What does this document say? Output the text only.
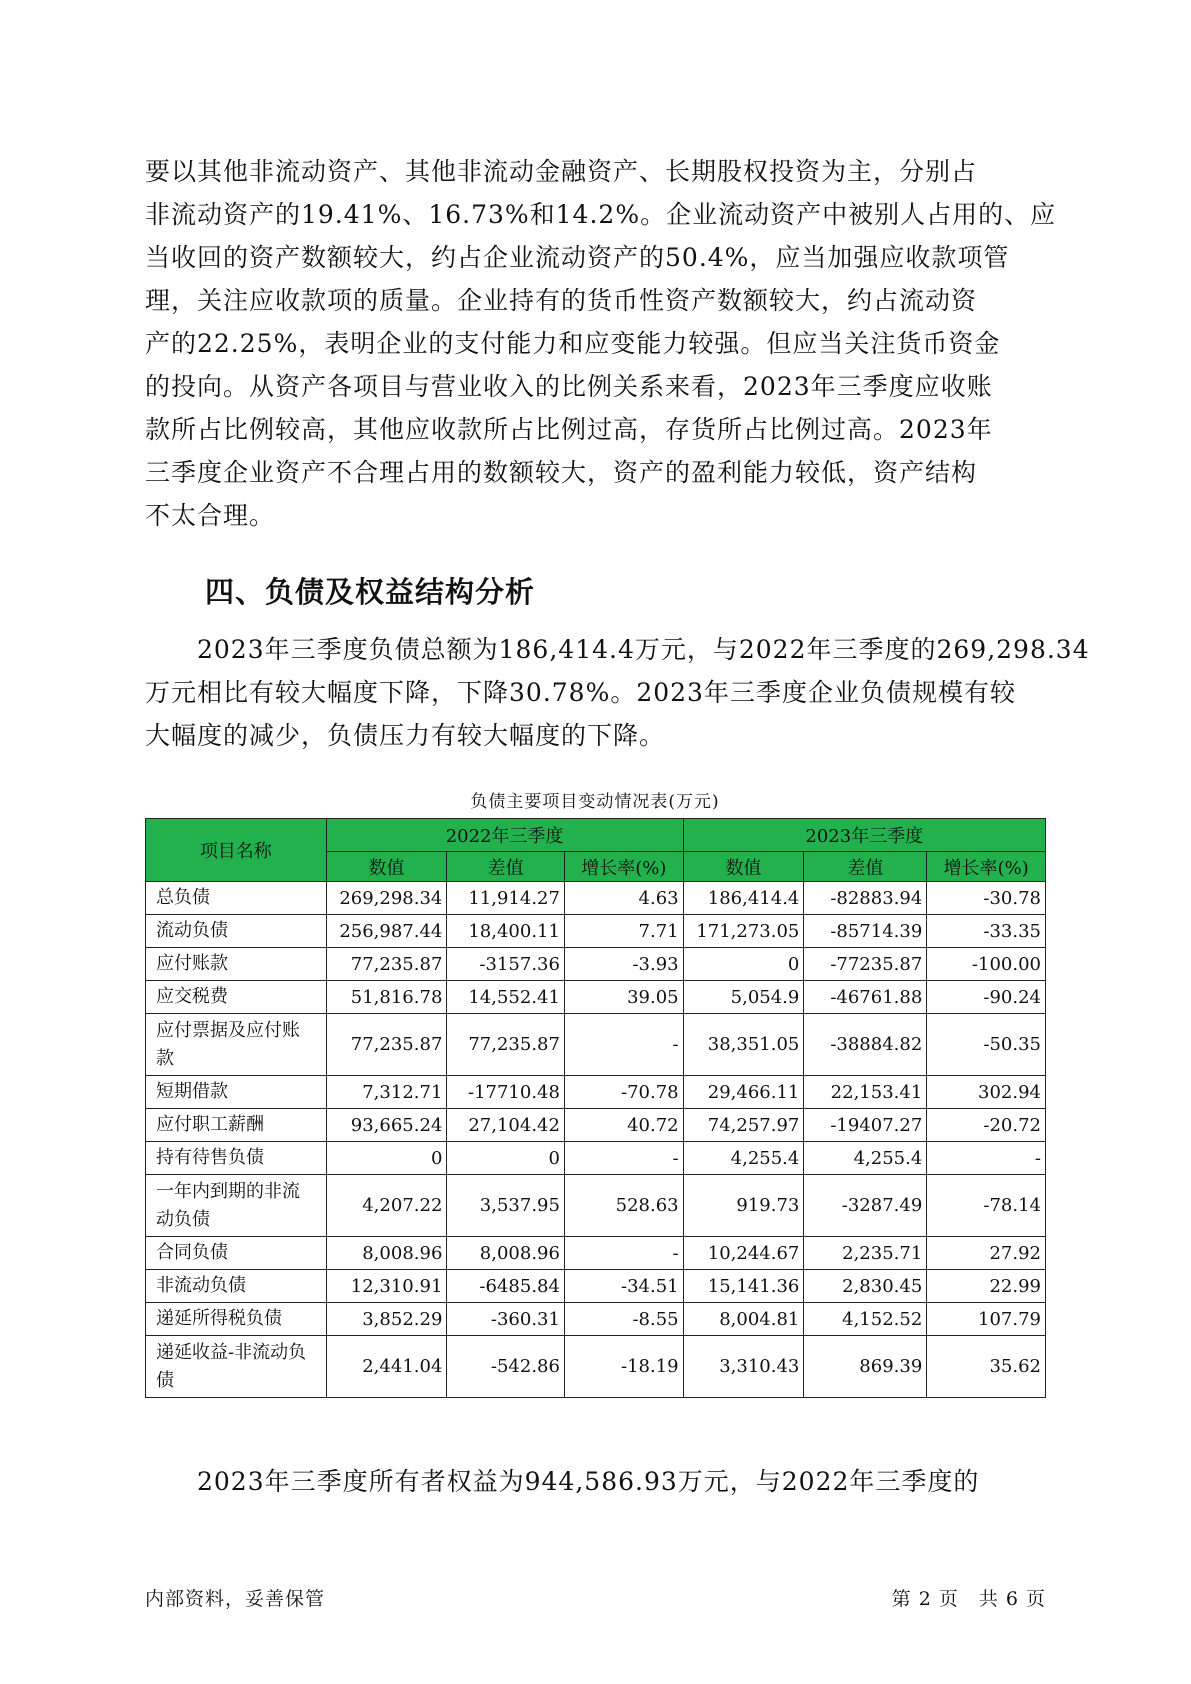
要以其他非流动资产、其他非流动金融资产、长期股权投资为主，分别占
非流动资产的19.41%、16.73%和14.2%。企业流动资产中被别人占用的、应
当收回的资产数额较大，约占企业流动资产的50.4%，应当加强应收款项管
理，关注应收款项的质量。企业持有的货币性资产数额较大，约占流动资
产的22.25%，表明企业的支付能力和应变能力较强。但应当关注货币资金
的投向。从资产各项目与营业收入的比例关系来看，2023年三季度应收账
款所占比例较高，其他应收款所占比例过高，存货所占比例过高。2023年
三季度企业资产不合理占用的数额较大，资产的盈利能力较低，资产结构
不太合理。
四、负债及权益结构分析
　　2023年三季度负债总额为186,414.4万元，与2022年三季度的269,298.34
万元相比有较大幅度下降，下降30.78%。2023年三季度企业负债规模有较
大幅度的减少，负债压力有较大幅度的下降。
负债主要项目变动情况表(万元)
项目名称	2022年三季度			2023年三季度		
	数值	差值	增长率(%)	数值	差值	增长率(%)

总负债	269,298.34	11,914.27	4.63	186,414.4	-82883.94	-30.78

流动负债	256,987.44	18,400.11	7.71	171,273.05	-85714.39	-33.35

应付账款	77,235.87	-3157.36	-3.93	0	-77235.87	-100.00

应交税费	51,816.78	14,552.41	39.05	5,054.9	-46761.88	-90.24

应付票据及应付账
款	77,235.87	77,235.87	-	38,351.05	-38884.82	-50.35

短期借款	7,312.71	-17710.48	-70.78	29,466.11	22,153.41	302.94

应付职工薪酬	93,665.24	27,104.42	40.72	74,257.97	-19407.27	-20.72

持有待售负债	0	0	-	4,255.4	4,255.4	-

一年内到期的非流
动负债	4,207.22	3,537.95	528.63	919.73	-3287.49	-78.14

合同负债	8,008.96	8,008.96	-	10,244.67	2,235.71	27.92

非流动负债	12,310.91	-6485.84	-34.51	15,141.36	2,830.45	22.99

递延所得税负债	3,852.29	-360.31	-8.55	8,004.81	4,152.52	107.79

递延收益-非流动负
债	2,441.04	-542.86	-18.19	3,310.43	869.39	35.62
　　2023年三季度所有者权益为944,586.93万元，与2022年三季度的
内部资料，妥善保管	第 2 页　共 6 页
